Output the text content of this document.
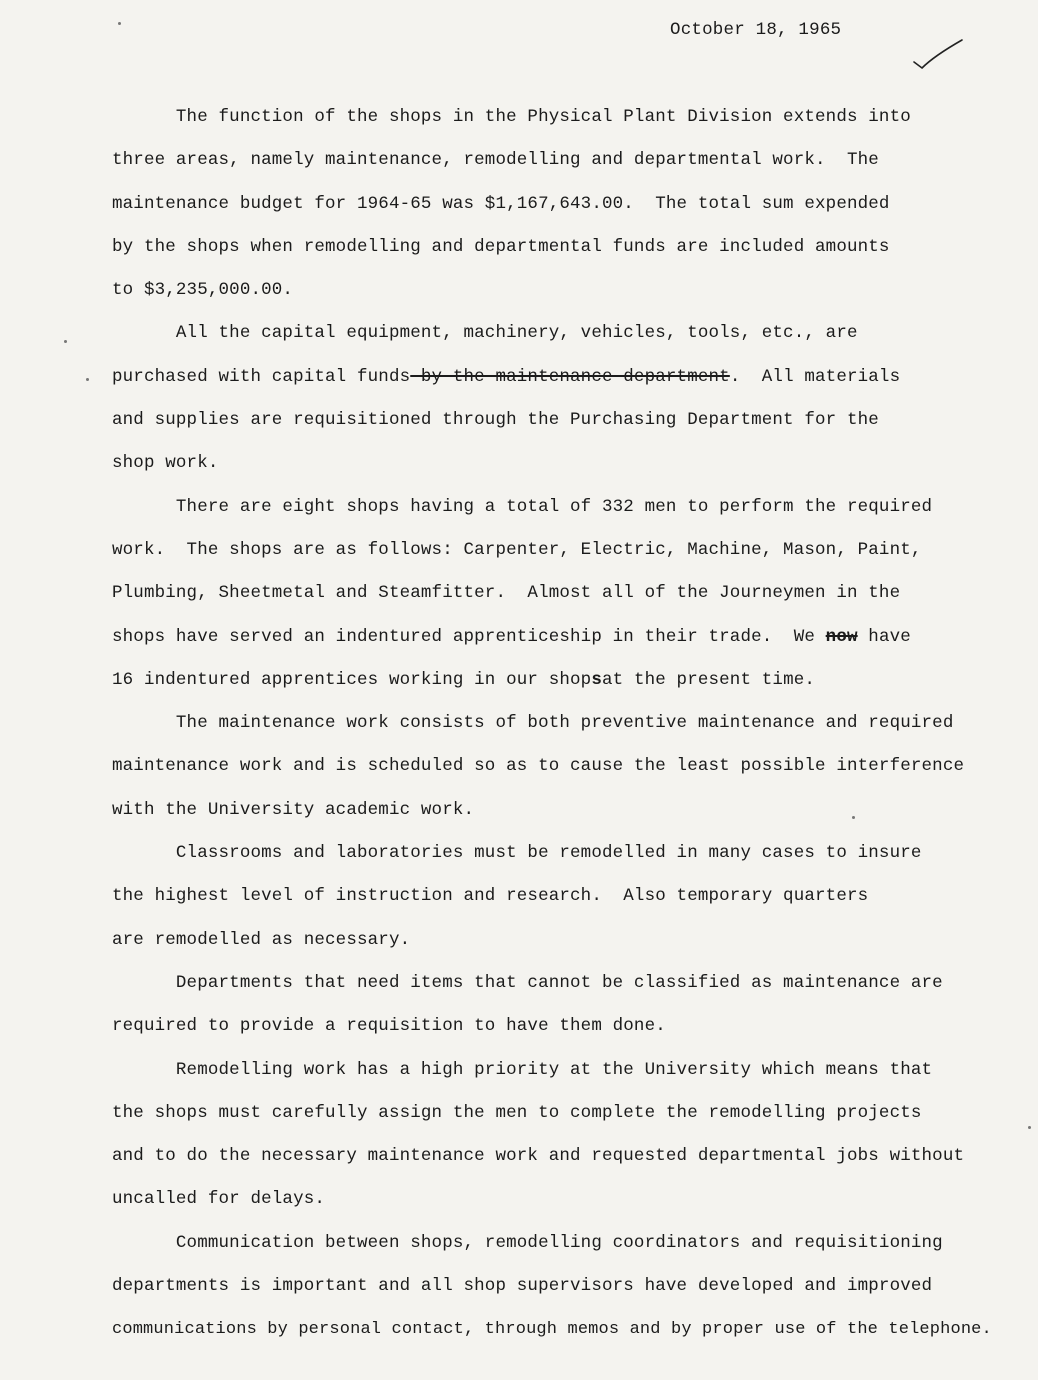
October 18, 1965

The function of the shops in the Physical Plant Division extends into

three areas, namely maintenance, remodelling and departmental work.  The

maintenance budget for 1964-65 was $1,167,643.00.  The total sum expended

by the shops when remodelling and departmental funds are included amounts

to $3,235,000.00.

All the capital equipment, machinery, vehicles, tools, etc., are

purchased with capital funds by the maintenance department.  All materials

and supplies are requisitioned through the Purchasing Department for the

shop work.

There are eight shops having a total of 332 men to perform the required

work.  The shops are as follows: Carpenter, Electric, Machine, Mason, Paint,

Plumbing, Sheetmetal and Steamfitter.  Almost all of the Journeymen in the

shops have served an indentured apprenticeship in their trade.  We now have

16 indentured apprentices working in our shopsat the present time.

The maintenance work consists of both preventive maintenance and required

maintenance work and is scheduled so as to cause the least possible interference

with the University academic work.

Classrooms and laboratories must be remodelled in many cases to insure

the highest level of instruction and research.  Also temporary quarters

are remodelled as necessary.

Departments that need items that cannot be classified as maintenance are

required to provide a requisition to have them done.

Remodelling work has a high priority at the University which means that

the shops must carefully assign the men to complete the remodelling projects

and to do the necessary maintenance work and requested departmental jobs without

uncalled for delays.

Communication between shops, remodelling coordinators and requisitioning

departments is important and all shop supervisors have developed and improved

communications by personal contact, through memos and by proper use of the telephone.
